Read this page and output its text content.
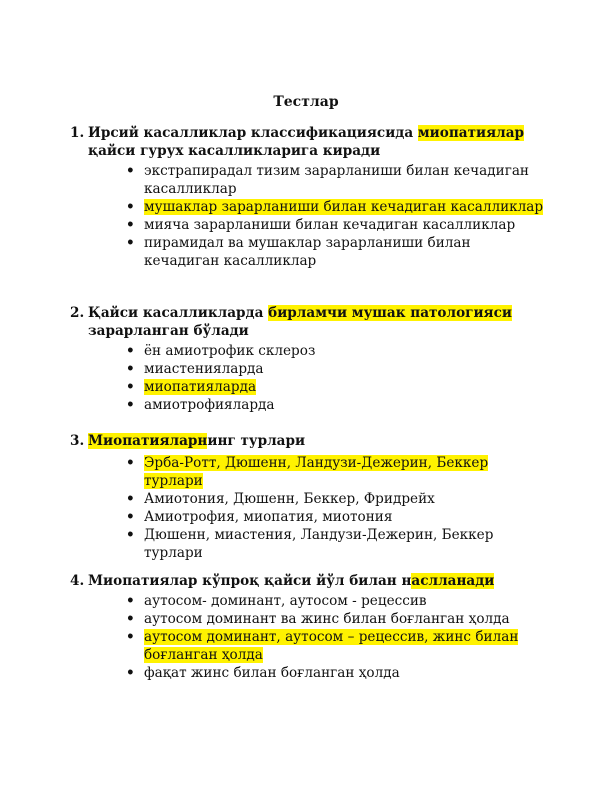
Тестлар
1. Ирсий касалликлар классификациясида миопатиялар қайси гурух касалликларига киради
• экстрапирадал тизим зарарланиши билан кечадиган касалликлар
• мушаклар зарарланиши билан кечадиган касалликлар
• мияча зарарланиши билан кечадиган касалликлар
• пирамидал ва мушаклар зарарланиши билан кечадиган касалликлар
2. Қайси касалликларда бирламчи мушак патологияси зарарланган бўлади
• ён амиотрофик склероз
• миастенияларда
• миопатияларда
• амиотрофияларда
3. Миопатияларнинг турлари
• Эрба-Ротт, Дюшенн, Ландузи-Дежерин, Беккер турлари
• Амиотония, Дюшенн, Беккер, Фридрейх
• Амиотрофия, миопатия, миотония
• Дюшенн, миастения, Ландузи-Дежерин, Беккер турлари
4. Миопатиялар кўпроқ қайси йўл билан наслланади
• аутосом- доминант, аутосом - рецессив
• аутосом доминант ва жинс билан боғланган ҳолда
• аутосом доминант, аутосом – рецессив, жинс билан боғланган ҳолда
• фақат жинс билан боғланган ҳолда
